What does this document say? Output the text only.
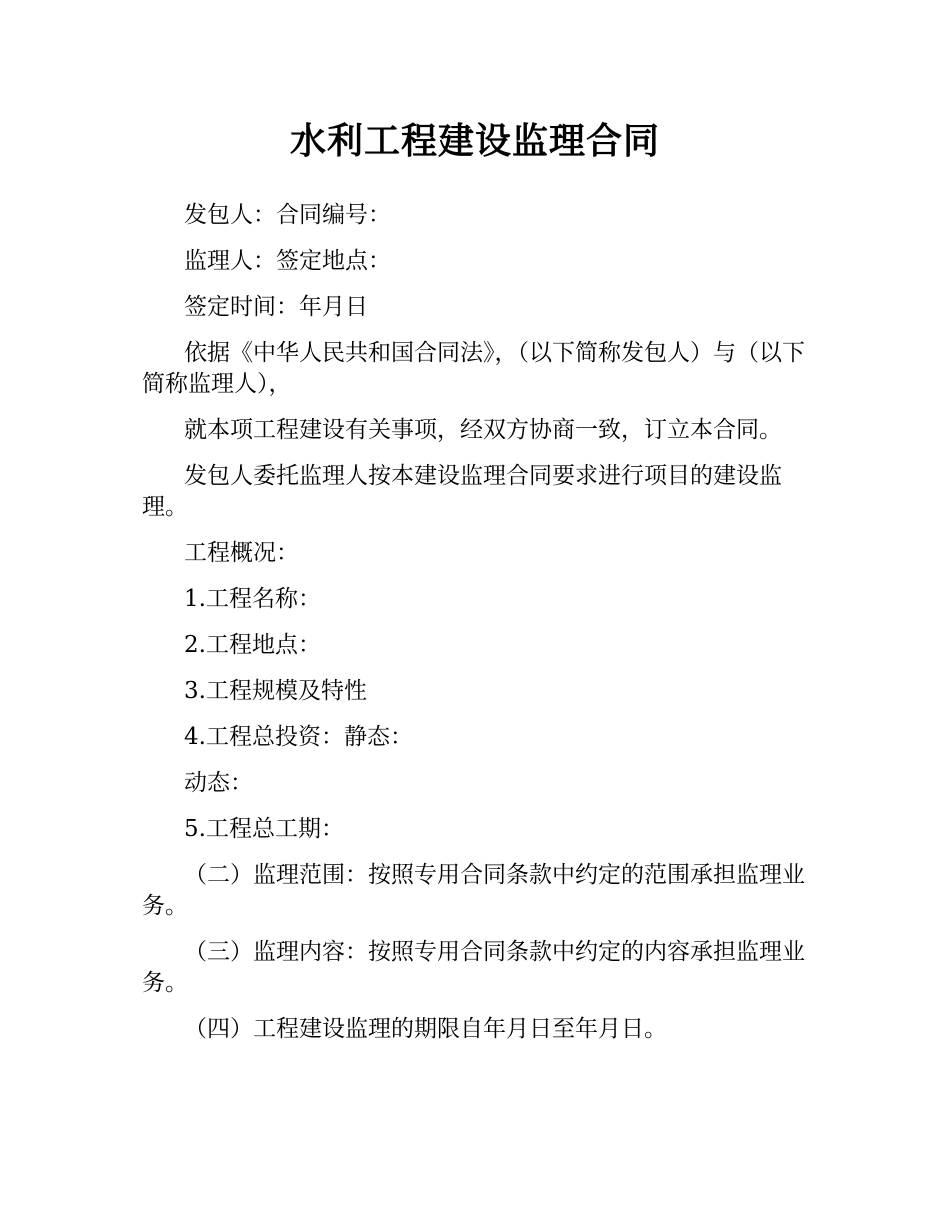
水利工程建设监理合同

发包人：合同编号：

监理人：签定地点：

签定时间：年月日

依据《中华人民共和国合同法》，（以下简称发包人）与（以下简称监理人），

就本项工程建设有关事项，经双方协商一致，订立本合同。

发包人委托监理人按本建设监理合同要求进行项目的建设监理。

工程概况：

1.工程名称：

2.工程地点：

3.工程规模及特性

4.工程总投资：静态：

动态：

5.工程总工期：

（二）监理范围：按照专用合同条款中约定的范围承担监理业务。

（三）监理内容：按照专用合同条款中约定的内容承担监理业务。

（四）工程建设监理的期限自年月日至年月日。
